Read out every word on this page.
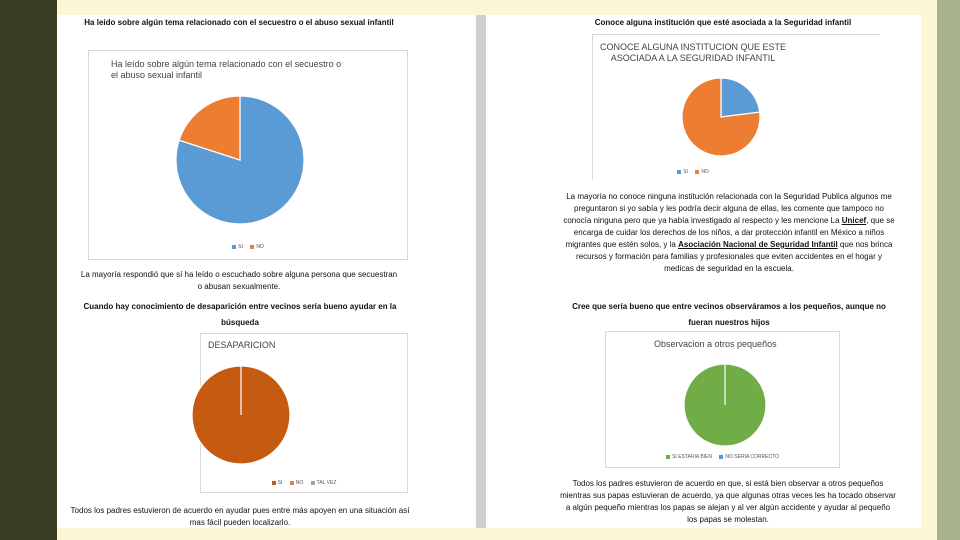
Ha leído sobre algún tema relacionado con el secuestro o el abuso sexual infantil

Ha leído sobre algún tema relacionado con el secuestro o el abuso sexual infantil

SI	NO

La mayoría respondió que sí ha leído o escuchado sobre alguna persona que secuestran o abusan sexualmente.

Cuando hay conocimiento de desaparición entre vecinos sería bueno ayudar en la búsqueda

DESAPARICION

SI	NO	TAL VEZ

Todos los padres estuvieron de acuerdo en ayudar pues entre más apoyen en una situación así mas fácil pueden localizarlo.

Conoce alguna institución que esté asociada a la Seguridad infantil

CONOCE ALGUNA INSTITUCION QUE ESTE ASOCIADA A LA SEGURIDAD INFANTIL

SI	NO

La mayoría no conoce ninguna institución relacionada con la Seguridad Publica algunos me preguntaron si yo sabía y les podría decir alguna de ellas, les comente que tampoco no conocía ninguna pero que ya había investigado al respecto y les mencione La Unicef, que se encarga de cuidar los derechos de los niños, a dar protección infantil en México a niños migrantes que estén solos, y la Asociación Nacional de Seguridad Infantil que nos brinca recursos y formación para familias y profesionales que eviten accidentes en el hogar y medicas de seguridad en la escuela.

Cree que sería bueno que entre vecinos observáramos a los pequeños, aunque no fueran nuestros hijos

Observacion a otros pequeños

SI ESTARIA BIEN	NO SERIA CORRECTO

Todos los padres estuvieron de acuerdo en que, si está bien observar a otros pequeños mientras sus papas estuvieran de acuerdo, ya que algunas otras veces les ha tocado observar a algún pequeño mientras los papas se alejan y al ver algún accidente y ayudar al pequeño los papas se molestan.
